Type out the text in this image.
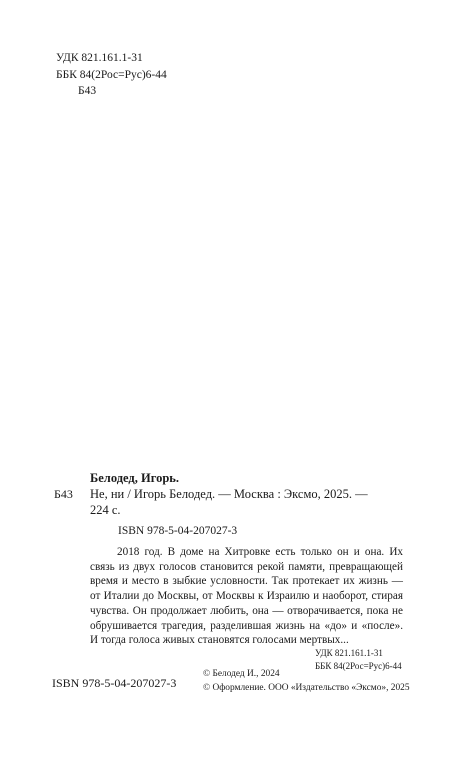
УДК 821.161.1-31
ББК 84(2Рос=Рус)6-44
Б43
Белодед, Игорь.
Б43 Не, ни / Игорь Белодед. — Москва : Эксмо, 2025. —
224 с.
ISBN 978-5-04-207027-3
2018 год. В доме на Хитровке есть только он и она. Их связь из двух голосов становится рекой памяти, превращающей время и место в зыбкие условности. Так протекает их жизнь — от Италии до Москвы, от Москвы к Израилю и наоборот, стирая чувства. Он продолжает любить, она — отворачивается, пока не обрушивается трагедия, разделившая жизнь на «до» и «после». И тогда голоса живых становятся голосами мертвых...
УДК 821.161.1-31
ББК 84(2Рос=Рус)6-44
ISBN 978-5-04-207027-3
© Белодед И., 2024
© Оформление. ООО «Издательство «Эксмо», 2025
